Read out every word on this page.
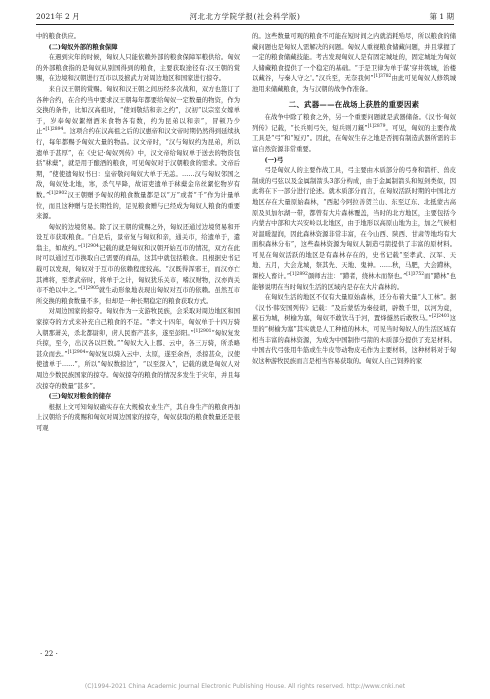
2021年 2 月	河北北方学院学报(社会科学版)	第 1 期

中的粮食供应。

(二)匈奴外部的粮食保障

在遇到灾年的时候，匈奴人只能依赖外部的粮食保障军粮供给。匈奴的外部粮食指的是匈奴从别国得到的粮食，主要获取途径有:汉王朝的赏赐，在边境和汉朝进行互市以及掳武力对周边地区和国家进行掠夺。

来自汉王朝的赏赐。匈奴和汉王朝之间历经多次战和，双方也签订了各种合约，在合约当中要求汉王朝每年都要给匈奴一定数量的物资，作为交换的条件，比如汉高祖时，“使刘敬结和亲之约”，汉初“以宗室女嫁单于，岁奉匈奴絮缯酒米食物各有数，约为昆弟以和亲”，冒顿乃少止”$^{[1]2894}$。这项合约在汉高祖之后的汉惠帝和汉文帝时期仍然得到延续执行，每年都赐予匈奴大量的物品。汉文帝时，“汉与匈奴约为昆弟，所以遗单于甚厚”，在《史记·匈奴列传》中，汉文帝给匈奴单于送去的物资包括“秫蘖”，就是用于酿酒的粮食，可见匈奴对于汉朝粮食的需求。文帝后期，“使使遗匈奴书曰：皇帝敬问匈奴大单于无恙。……汉与匈奴邻国之敌，匈奴处北地，寒，杀气早降，故诏吏遗单于秫蘖金帛丝絮佗物岁有数。”$^{[1]2902}$汉王朝赠予匈奴的粮食数量都是以“万”或者“千”作为计量单位，而且这种赠与是长期性的，足见粮食赠与已经成为匈奴人粮食的重要来源。

匈奴的边境贸易。除了汉王朝的赏赐之外，匈奴还通过边境贸易和开设互市获取粮食。“自是后，景帝复与匈奴和亲，通关市，给遗单于，遣翁主，如故约。”$^{[1]2904}$记载的就是匈奴和汉朝开始互市的情况，双方在此时可以通过互市换取自己需要的商品，这其中就包括粮食。且根据史书记载可以发现，匈奴对于互市的依赖程度较高。“汉既得浑邪王，而汉亦亡其裨将，至孝武帝时，将单于之计，匈奴犹乐关市，嗜汉财物，汉亦尚关市不绝以中之。”$^{[1]2905}$就生动形象地表现出匈奴对互市的依赖。虽然互市所交换的粮食数量不多，但却是一种长期稳定的粮食获取方式。

对周边国家的掠夺。匈奴作为一支游牧民族，会采取对周边地区和国家掠夺的方式来补充自己粮食的不足。“孝文十四年，匈奴单于十四万骑入朝那萧关，杀北都尉卯，虏人民畜产甚多，遂至彭阳。”$^{[1]2901}$“匈奴复发兵掠，至今，出汉各以巨数。”“匈奴大入上郡、云中，各三万骑，所杀略甚众而去。”$^{[1]2904}$“匈奴复以骑入云中、太原，遂至余吾，杀掠甚众，汉使使遗单于……”，所以“匈奴数掠边”，“以至深入”，记载的就是匈奴人对周边少数民族国家的掠夺。匈奴掠夺的粮食的情况多发生于灾年，并且每次掠夺的数量“甚多”。

(三)匈奴对粮食的储存

根据上文可知匈奴确实存在大规模农业生产，其自身生产的粮食再加上汉朝给予的赏赐和匈奴对周边国家的掠夺，匈奴获取的粮食数量还是很可观

的。这些数量可观的粮食不可能在短时间之内就消耗殆尽，所以粮食的储藏问题也是匈奴人需解决的问题。匈奴人重视粮食储藏问题，并且掌握了一定的粮食储藏技能。考古发现匈奴人是有固定城址的，固定城址为匈奴人储藏粮食提供了一个稳定的基础。“于是卫律为单于谋'穿井筑城，治楼以藏谷，与秦人守之'。”汉兵至，无奈我何”$^{[1]3782}$由此可见匈奴人修筑城池用来储藏粮食，为与汉朝的战争作准备。

二、武器——在战场上获胜的重要因素

在战争中除了粮食之外，另一个重要问题就是武器储备。《汉书·匈奴列传》记载，“长兵则弓矢，短兵则刀鋋”$^{[1]2879}$。可见，匈奴的主要作战工具是“弓”和“短刃”。因此，在匈奴生存之地是否拥有制造武器所需的丰富自然资源非常重要。

(一)弓

弓是匈奴人的主要作战工具，弓主要由木质部分的弓身和箭杆、兽皮制成的弓弦以及金属制箭头3部分构成，由于金属制箭头和短剑类似，因此将在下一部分进行论述。就木质部分而言，在匈奴活跃时期的中国北方地区存在大量原始森林，“西起今阿拉善贺兰山、东至辽东、北抵蒙古高原及贝加尔湖一带，都曾有大片森林覆盖，当时的北方地区，主要包括今内蒙古中部和大兴安岭以北地区，由于地形以高原山地为主，加之气候相对温暖湿润，因此森林资源非常丰富，在今山西、陕西、甘肃等地均有大面积森林分布”，这些森林资源为匈奴人制造弓箭提供了丰富的原材料。可见在匈奴活跃的地区是有森林存在的，史书记载“至孝武、汉军、天地、五月，大会龙城，祭其先、天地、鬼神。……秋，马肥，大会蹛林，课校人畜计。”$^{[1]2892}$颜师古注：“蹛者，绕林木而祭也。”$^{[1]3752}$而“蹛林”也能够说明在当时匈奴生活的区域内是存在大片森林的。

在匈奴生活的地区不仅有大量原始森林，还分布着大量“人工林”。据《汉书·韩安国列传》记载：“及后蒙恬为秦侵胡，辟数千里，以河为竟，累石为城，树榆为塞，匈奴不敢饮马于河，置烽燧然后敢牧马。”$^{[2]2401}$这里的“树榆为塞”其实就是人工种植的林木，可见当时匈奴人的生活区域有相当丰富的森林资源，为成为中国制作弓箭的木质部分提供了充足材料。中国古代弓张用牛筋或生牛皮等动物皮毛作为主要材料，这种材料对于匈奴这种游牧民族而言是相当容易获取的。匈奴人自己饲养的家

· 22 ·
(C)1994-2021 China Academic Journal Electronic Publishing House. All rights reserved. http://www.cnki.net
